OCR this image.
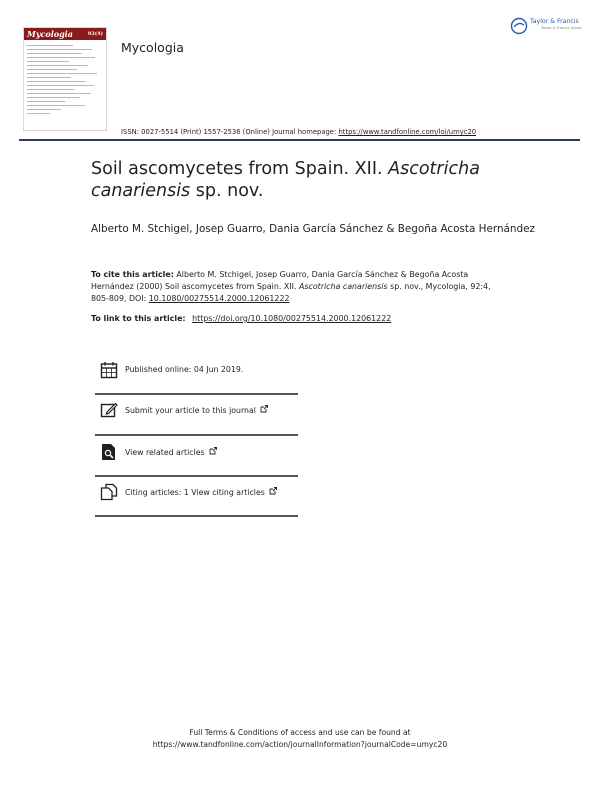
Mycologia	92(4)
Mycologia
Taylor & Francis
Taylor & Francis Group
ISSN: 0027-5514 (Print) 1557-2536 (Online) Journal homepage: https://www.tandfonline.com/loi/umyc20
Soil ascomycetes from Spain. XII. Ascotricha canariensis sp. nov.
Alberto M. Stchigel, Josep Guarro, Dania García Sánchez & Begoña Acosta Hernández
To cite this article: Alberto M. Stchigel, Josep Guarro, Dania García Sánchez & Begoña Acosta Hernández (2000) Soil ascomycetes from Spain. XII. Ascotricha canariensis sp. nov., Mycologia, 92:4, 805-809, DOI: 10.1080/00275514.2000.12061222
To link to this article: https://doi.org/10.1080/00275514.2000.12061222
Published online: 04 Jun 2019.
Submit your article to this journal
View related articles
Citing articles: 1 View citing articles
Full Terms & Conditions of access and use can be found at
https://www.tandfonline.com/action/journalInformation?journalCode=umyc20
